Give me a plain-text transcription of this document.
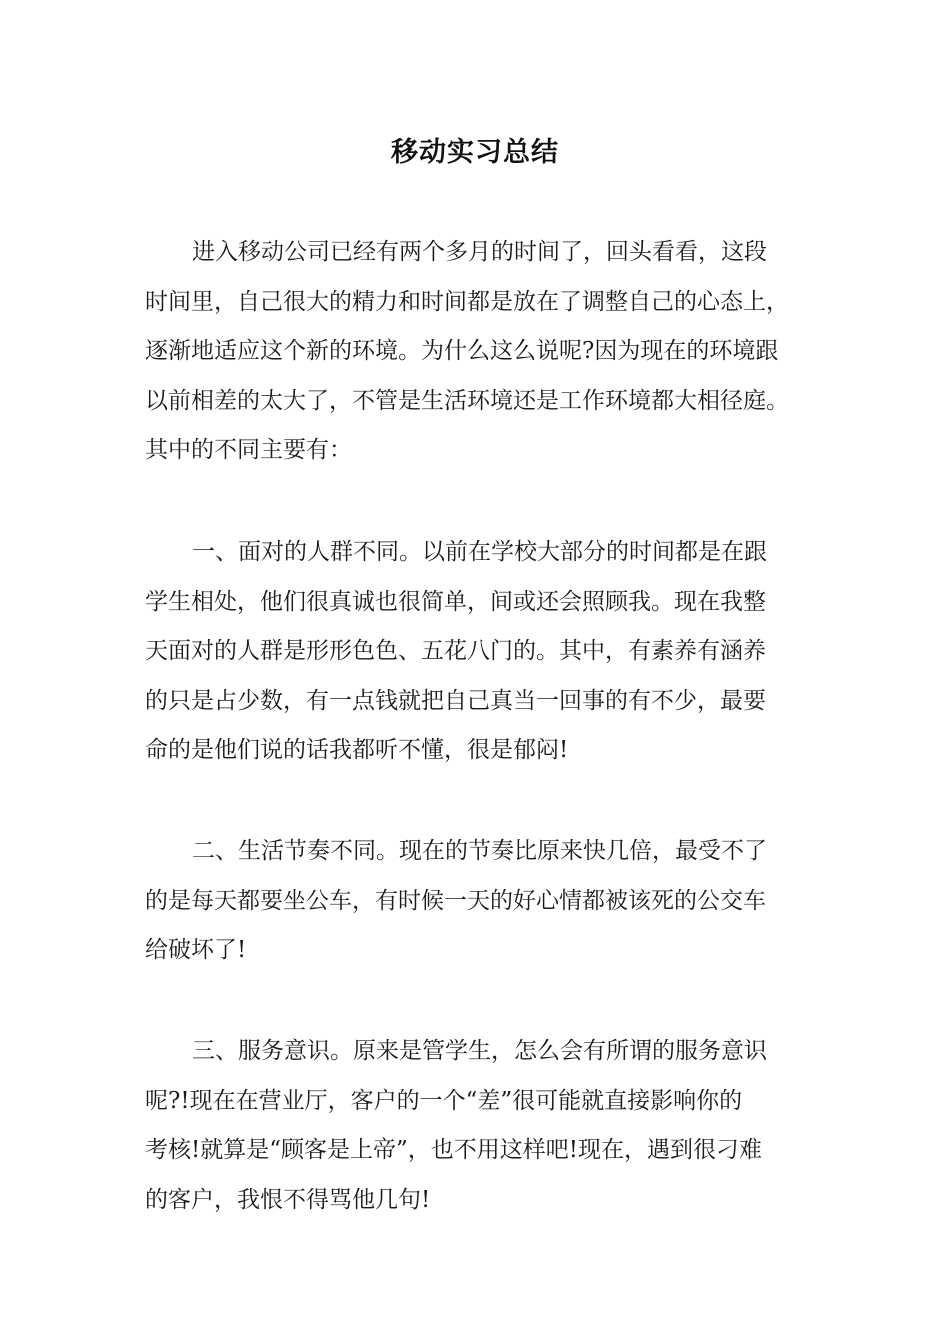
移动实习总结
进入移动公司已经有两个多月的时间了，回头看看，这段
时间里，自己很大的精力和时间都是放在了调整自己的心态上，
逐渐地适应这个新的环境。为什么这么说呢?因为现在的环境跟
以前相差的太大了，不管是生活环境还是工作环境都大相径庭。
其中的不同主要有：
一、面对的人群不同。以前在学校大部分的时间都是在跟
学生相处，他们很真诚也很简单，间或还会照顾我。现在我整
天面对的人群是形形色色、五花八门的。其中，有素养有涵养
的只是占少数，有一点钱就把自己真当一回事的有不少，最要
命的是他们说的话我都听不懂，很是郁闷!
二、生活节奏不同。现在的节奏比原来快几倍，最受不了
的是每天都要坐公车，有时候一天的好心情都被该死的公交车
给破坏了!
三、服务意识。原来是管学生，怎么会有所谓的服务意识
呢?!现在在营业厅，客户的一个“差”很可能就直接影响你的
考核!就算是“顾客是上帝”，也不用这样吧!现在，遇到很刁难
的客户，我恨不得骂他几句!
